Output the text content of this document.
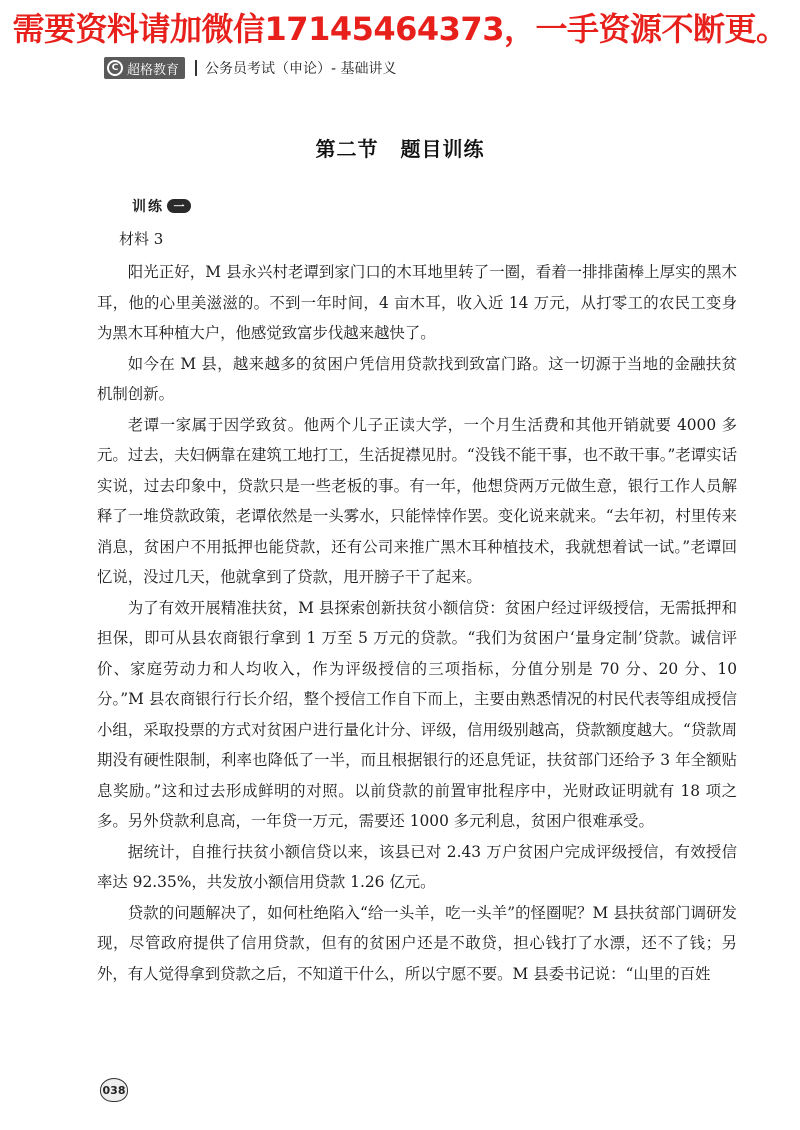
需要资料请加微信17145464373，一手资源不断更。
C 超格教育 公务员考试（申论）- 基础讲义
第二节 题目训练
训练 一
材料 3

阳光正好，M 县永兴村老谭到家门口的木耳地里转了一圈，看着一排排菌棒上厚实的黑木耳，他的心里美滋滋的。不到一年时间，4 亩木耳，收入近 14 万元，从打零工的农民工变身为黑木耳种植大户，他感觉致富步伐越来越快了。

如今在 M 县，越来越多的贫困户凭信用贷款找到致富门路。这一切源于当地的金融扶贫机制创新。

老谭一家属于因学致贫。他两个儿子正读大学，一个月生活费和其他开销就要 4000 多元。过去，夫妇俩靠在建筑工地打工，生活捉襟见肘。“没钱不能干事，也不敢干事。”老谭实话实说，过去印象中，贷款只是一些老板的事。有一年，他想贷两万元做生意，银行工作人员解释了一堆贷款政策，老谭依然是一头雾水，只能悻悻作罢。变化说来就来。“去年初，村里传来消息，贫困户不用抵押也能贷款，还有公司来推广黑木耳种植技术，我就想着试一试。”老谭回忆说，没过几天，他就拿到了贷款，甩开膀子干了起来。

为了有效开展精准扶贫，M 县探索创新扶贫小额信贷：贫困户经过评级授信，无需抵押和担保，即可从县农商银行拿到 1 万至 5 万元的贷款。“我们为贫困户‘量身定制’贷款。诚信评价、家庭劳动力和人均收入，作为评级授信的三项指标，分值分别是 70 分、20 分、10 分。”M 县农商银行行长介绍，整个授信工作自下而上，主要由熟悉情况的村民代表等组成授信小组，采取投票的方式对贫困户进行量化计分、评级，信用级别越高，贷款额度越大。“贷款周期没有硬性限制，利率也降低了一半，而且根据银行的还息凭证，扶贫部门还给予 3 年全额贴息奖励。”这和过去形成鲜明的对照。以前贷款的前置审批程序中，光财政证明就有 18 项之多。另外贷款利息高，一年贷一万元，需要还 1000 多元利息，贫困户很难承受。

据统计，自推行扶贫小额信贷以来，该县已对 2.43 万户贫困户完成评级授信，有效授信率达 92.35%，共发放小额信用贷款 1.26 亿元。

贷款的问题解决了，如何杜绝陷入“给一头羊，吃一头羊”的怪圈呢？M 县扶贫部门调研发现，尽管政府提供了信用贷款，但有的贫困户还是不敢贷，担心钱打了水漂，还不了钱；另外，有人觉得拿到贷款之后，不知道干什么，所以宁愿不要。M 县委书记说：“山里的百姓

038
